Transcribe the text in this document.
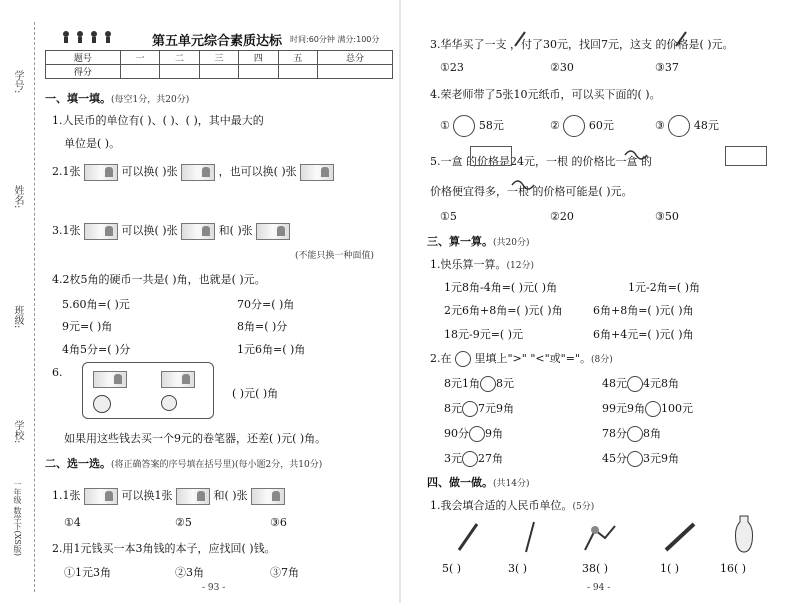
学号:
姓名:
班级:
学校:
一年级 数学下(XS版)
第五单元综合素质达标 时间:60分钟 满分:100分
题号	一	二	三	四	五	总分
得分						
一、填一填。(每空1分，共20分)
1.人民币的单位有( )、( )、( )，其中最大的
单位是( )。
2.1张	可以换( )张	，也可以换( )张
3.1张	可以换( )张	和( )张
(不能只换一种面值)
4.2枚5角的硬币一共是( )角，也就是( )元。
5.60角=( )元	70分=( )角
9元=( )角	8角=( )分
4角5分=( )分	1元6角=( )角
6.
( )元( )角
如果用这些钱去买一个9元的卷笔器，还差( )元( )角。
二、选一选。(将正确答案的序号填在括号里)(每小题2分，共10分)
1.1张	可以换1张	和( )张
①4	②5	③6
2.用1元钱买一本3角钱的本子，应找回( )钱。
①1元3角	②3角	③7角
- 93 -
3.华华买了一支 ，付了30元，找回7元，这支 的价格是( )元。
①23	②30	③37
4.荣老师带了5张10元纸币，可以买下面的( )。
①	58元	②	60元	③	48元
5.一盒 的价格是24元，一根 的价格比一盒 的
价格便宜得多，一根 的价格可能是( )元。
①5	②20	③50
三、算一算。(共20分)
1.快乐算一算。(12分)
1元8角-4角=( )元( )角	1元-2角=( )角
2元6角+8角=( )元( )角	6角+8角=( )元( )角
18元-9元=( )元	6角+4元=( )元( )角
2.在 里填上">" "<"或"="。(8分)
8元1角 8元	48元 4元8角
8元 7元9角	99元9角 100元
90分 9角	78分 8角
3元 27角	45分 3元9角
四、做一做。(共14分)
1.我会填合适的人民币单位。(5分)
5( )	3( )	38( )	1( )	16( )
- 94 -
